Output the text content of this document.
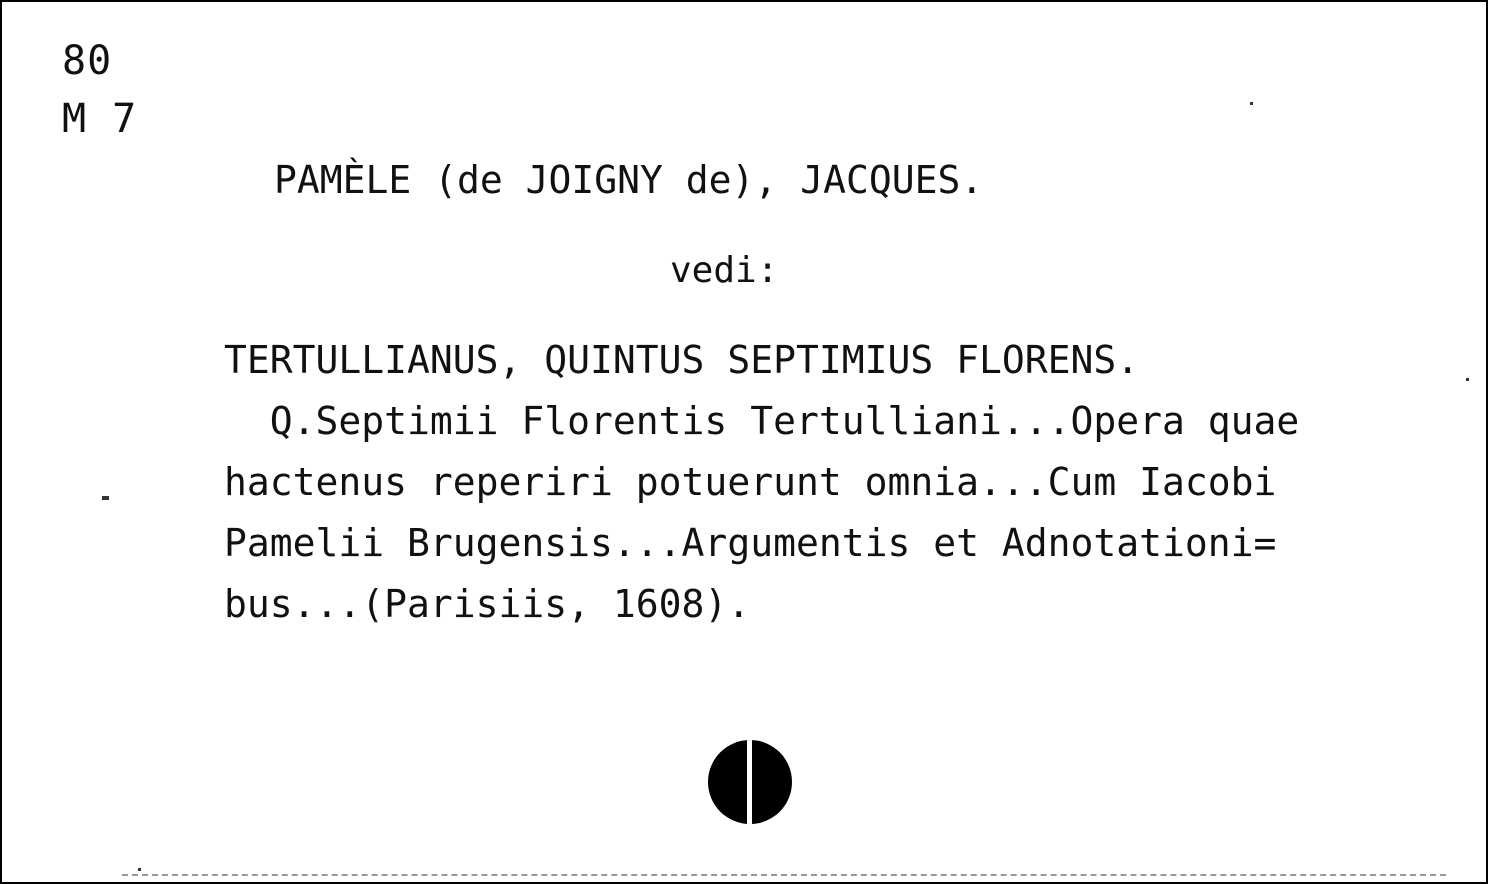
80
M 7
PAMÈLE (de JOIGNY de), JACQUES.
vedi:
TERTULLIANUS, QUINTUS SEPTIMIUS FLORENS.
Q.Septimii Florentis Tertulliani...Opera quae
hactenus reperiri potuerunt omnia...Cum Iacobi
Pamelii Brugensis...Argumentis et Adnotationi=
bus...(Parisiis, 1608).
